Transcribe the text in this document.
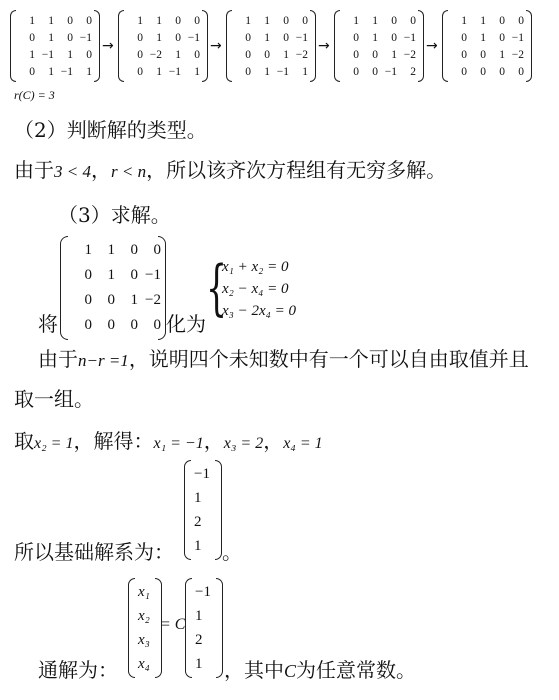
1	1	0	0
0	1	0	−1
1	−1	1	0
0	1	−1	1
→
1	1	0	0
0	1	0	−1
0	−2	1	0
0	1	−1	1
→
1	1	0	0
0	1	0	−1
0	0	1	−2
0	1	−1	1
→
1	1	0	0
0	1	0	−1
0	0	1	−2
0	0	−1	2
→
1	1	0	0
0	1	0	−1
0	0	1	−2
0	0	0	0
r(C) = 3
（2）判断解的类型。
由于3 < 4，r < n，所以该齐次方程组有无穷多解。
（3）求解。
将
1	1	0	0
0	1	0	−1
0	0	1	−2
0	0	0	0 化为
{
x₁ + x₂ = 0
x₂ − x₄ = 0
x₃ − 2x₄ = 0
由于n−r =1，说明四个未知数中有一个可以自由取值并且
取一组。
取x₂ = 1，解得：x₁ = −1，x₃ = 2，x₄ = 1
所以基础解系为：
−1
1
2
1 。
通解为：
x₁
x₂
x₃
x₄
= C
−1
1
2
1 ，其中C为任意常数。
